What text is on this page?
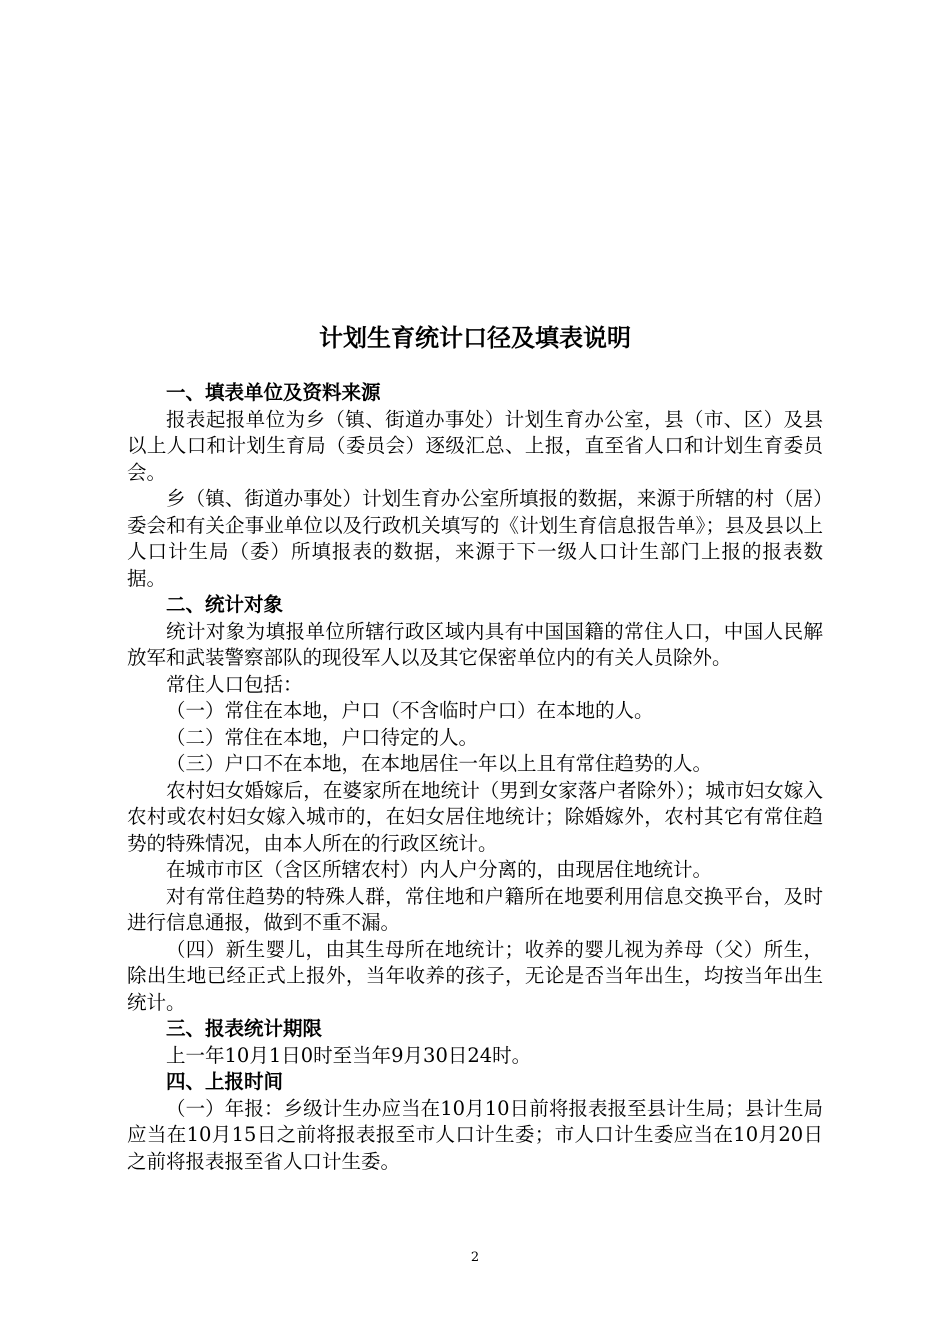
计划生育统计口径及填表说明

一、填表单位及资料来源

报表起报单位为乡（镇、街道办事处）计划生育办公室，县（市、区）及县以上人口和计划生育局（委员会）逐级汇总、上报，直至省人口和计划生育委员会。

乡（镇、街道办事处）计划生育办公室所填报的数据，来源于所辖的村（居）委会和有关企事业单位以及行政机关填写的《计划生育信息报告单》；县及县以上人口计生局（委）所填报表的数据，来源于下一级人口计生部门上报的报表数据。

二、统计对象

统计对象为填报单位所辖行政区域内具有中国国籍的常住人口，中国人民解放军和武装警察部队的现役军人以及其它保密单位内的有关人员除外。

常住人口包括：

（一）常住在本地，户口（不含临时户口）在本地的人。

（二）常住在本地，户口待定的人。

（三）户口不在本地，在本地居住一年以上且有常住趋势的人。

农村妇女婚嫁后，在婆家所在地统计（男到女家落户者除外）；城市妇女嫁入农村或农村妇女嫁入城市的，在妇女居住地统计；除婚嫁外，农村其它有常住趋势的特殊情况，由本人所在的行政区统计。

在城市市区（含区所辖农村）内人户分离的，由现居住地统计。

对有常住趋势的特殊人群，常住地和户籍所在地要利用信息交换平台，及时进行信息通报，做到不重不漏。

（四）新生婴儿，由其生母所在地统计；收养的婴儿视为养母（父）所生，除出生地已经正式上报外，当年收养的孩子，无论是否当年出生，均按当年出生统计。

三、报表统计期限

上一年10月1日0时至当年9月30日24时。

四、上报时间

（一）年报：乡级计生办应当在10月10日前将报表报至县计生局；县计生局应当在10月15日之前将报表报至市人口计生委；市人口计生委应当在10月20日之前将报表报至省人口计生委。

2
